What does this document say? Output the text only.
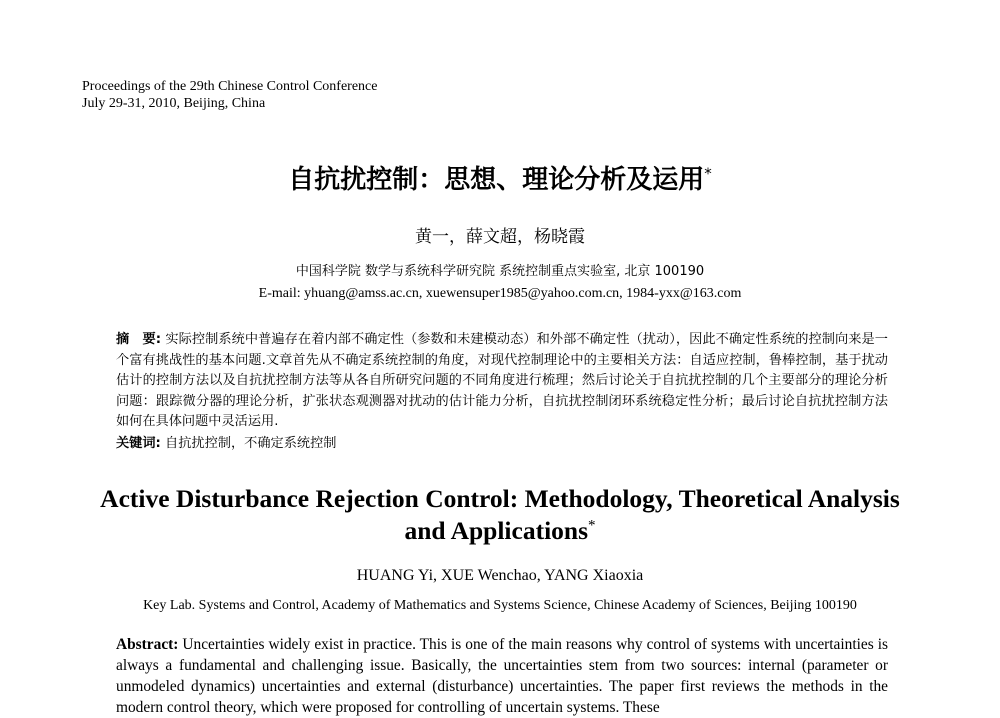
Proceedings of the 29th Chinese Control Conference
July 29-31, 2010, Beijing, China
自抗扰控制：思想、理论分析及运用*
黄一，薛文超，杨晓霞
中国科学院 数学与系统科学研究院 系统控制重点实验室, 北京 100190
E-mail: yhuang@amss.ac.cn, xuewensuper1985@yahoo.com.cn, 1984-yxx@163.com
摘　要: 实际控制系统中普遍存在着内部不确定性（参数和未建模动态）和外部不确定性（扰动），因此不确定性系统的控制向来是一个富有挑战性的基本问题.文章首先从不确定系统控制的角度，对现代控制理论中的主要相关方法：自适应控制，鲁棒控制，基于扰动估计的控制方法以及自抗扰控制方法等从各自所研究问题的不同角度进行梳理；然后讨论关于自抗扰控制的几个主要部分的理论分析问题：跟踪微分器的理论分析，扩张状态观测器对扰动的估计能力分析，自抗扰控制闭环系统稳定性分析；最后讨论自抗扰控制方法如何在具体问题中灵活运用.
关键词: 自抗扰控制，不确定系统控制
Active Disturbance Rejection Control: Methodology, Theoretical Analysis and Applications*
HUANG Yi, XUE Wenchao, YANG Xiaoxia
Key Lab. Systems and Control, Academy of Mathematics and Systems Science, Chinese Academy of Sciences, Beijing 100190
Abstract: Uncertainties widely exist in practice. This is one of the main reasons why control of systems with uncertainties is always a fundamental and challenging issue. Basically, the uncertainties stem from two sources: internal (parameter or unmodeled dynamics) uncertainties and external (disturbance) uncertainties. The paper first reviews the methods in the modern control theory, which were proposed for controlling of uncertain systems. These
